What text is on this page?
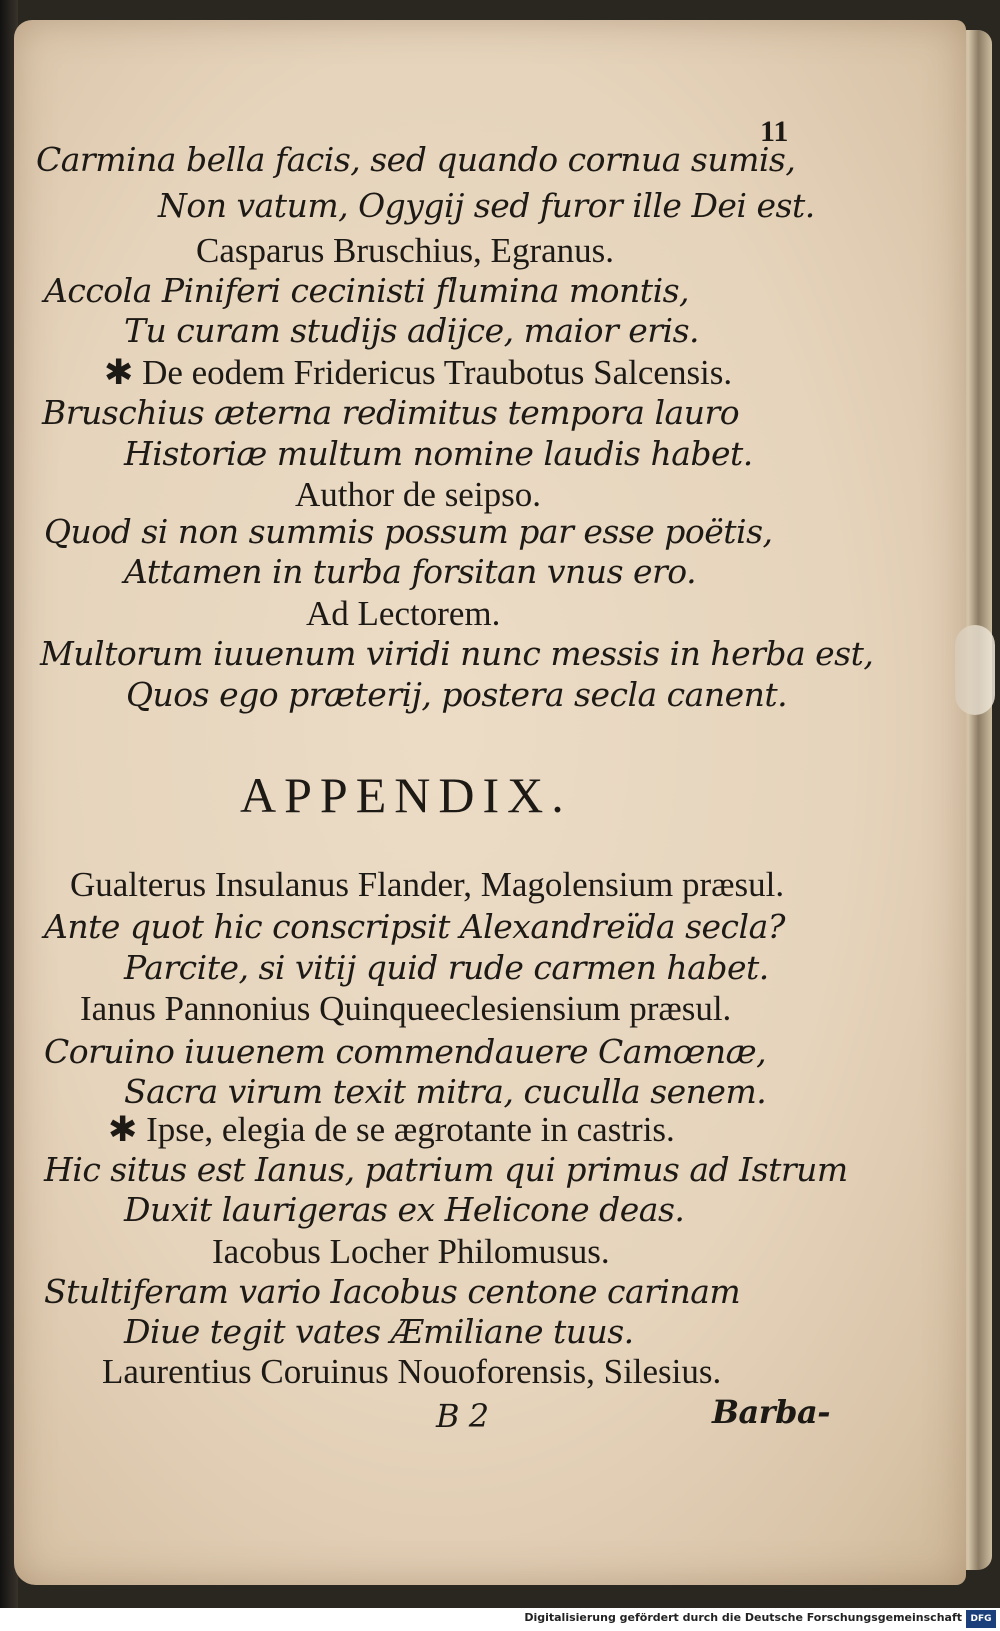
11
Carmina bella facis, sed quando cornua sumis,
Non vatum, Ogygij sed furor ille Dei est.
Casparus Bruschius, Egranus.
Accola Piniferi cecinisti flumina montis,
Tu curam studijs adijce, maior eris.
✱ De eodem Fridericus Traubotus Salcensis.
Bruschius æterna redimitus tempora lauro
Historiæ multum nomine laudis habet.
Author de seipso.
Quod si non summis possum par esse poëtis,
Attamen in turba forsitan vnus ero.
Ad Lectorem.
Multorum iuuenum viridi nunc messis in herba est,
Quos ego præterij, postera secla canent.
APPENDIX.
Gualterus Insulanus Flander, Magolensium præsul.
Ante quot hic conscripsit Alexandreïda secla?
Parcite, si vitij quid rude carmen habet.
Ianus Pannonius Quinqueeclesiensium præsul.
Coruino iuuenem commendauere Camœnæ,
Sacra virum texit mitra, cuculla senem.
✱ Ipse, elegia de se ægrotante in castris.
Hic situs est Ianus, patrium qui primus ad Istrum
Duxit laurigeras ex Helicone deas.
Iacobus Locher Philomusus.
Stultiferam vario Iacobus centone carinam
Diue tegit vates Æmiliane tuus.
Laurentius Coruinus Nouoforensis, Silesius.
B 2	Barba-
Digitalisierung gefördert durch die Deutsche Forschungsgemeinschaft DFG
